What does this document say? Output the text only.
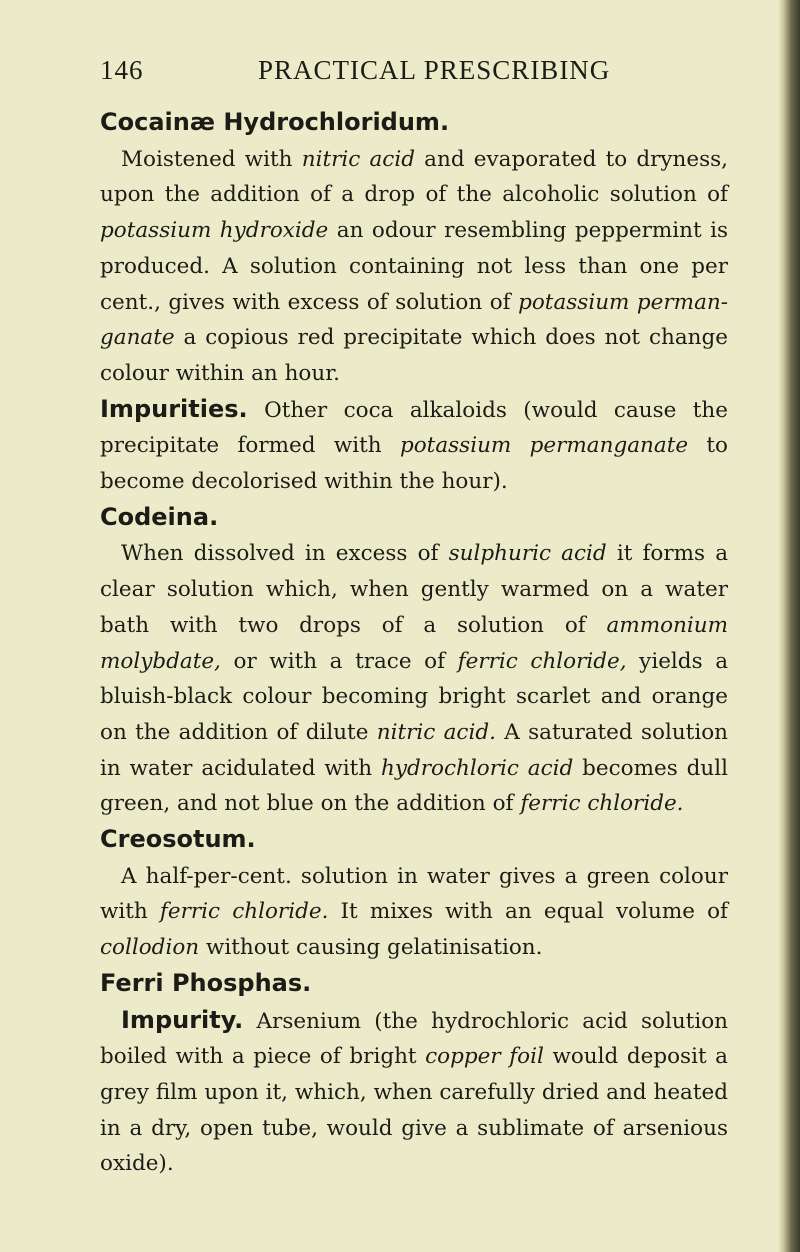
146	PRACTICAL PRESCRIBING

Cocainæ Hydrochloridum.

Moistened with nitric acid and evaporated to dryness, upon the addition of a drop of the alcoholic solution of potassium hydroxide an odour resembling peppermint is produced. A solution containing not less than one per cent., gives with excess of solution of potassium perman-ganate a copious red precipitate which does not change colour within an hour.

Impurities. Other coca alkaloids (would cause the precipitate formed with potassium permanganate to become decolorised within the hour).

Codeina.

When dissolved in excess of sulphuric acid it forms a clear solution which, when gently warmed on a water bath with two drops of a solution of ammonium molybdate, or with a trace of ferric chloride, yields a bluish-black colour becoming bright scarlet and orange on the addition of dilute nitric acid. A saturated solution in water acidulated with hydrochloric acid becomes dull green, and not blue on the addition of ferric chloride.

Creosotum.

A half-per-cent. solution in water gives a green colour with ferric chloride. It mixes with an equal volume of collodion without causing gelatinisation.

Ferri Phosphas.

Impurity. Arsenium (the hydrochloric acid solution boiled with a piece of bright copper foil would deposit a grey film upon it, which, when carefully dried and heated in a dry, open tube, would give a sublimate of arsenious oxide).
